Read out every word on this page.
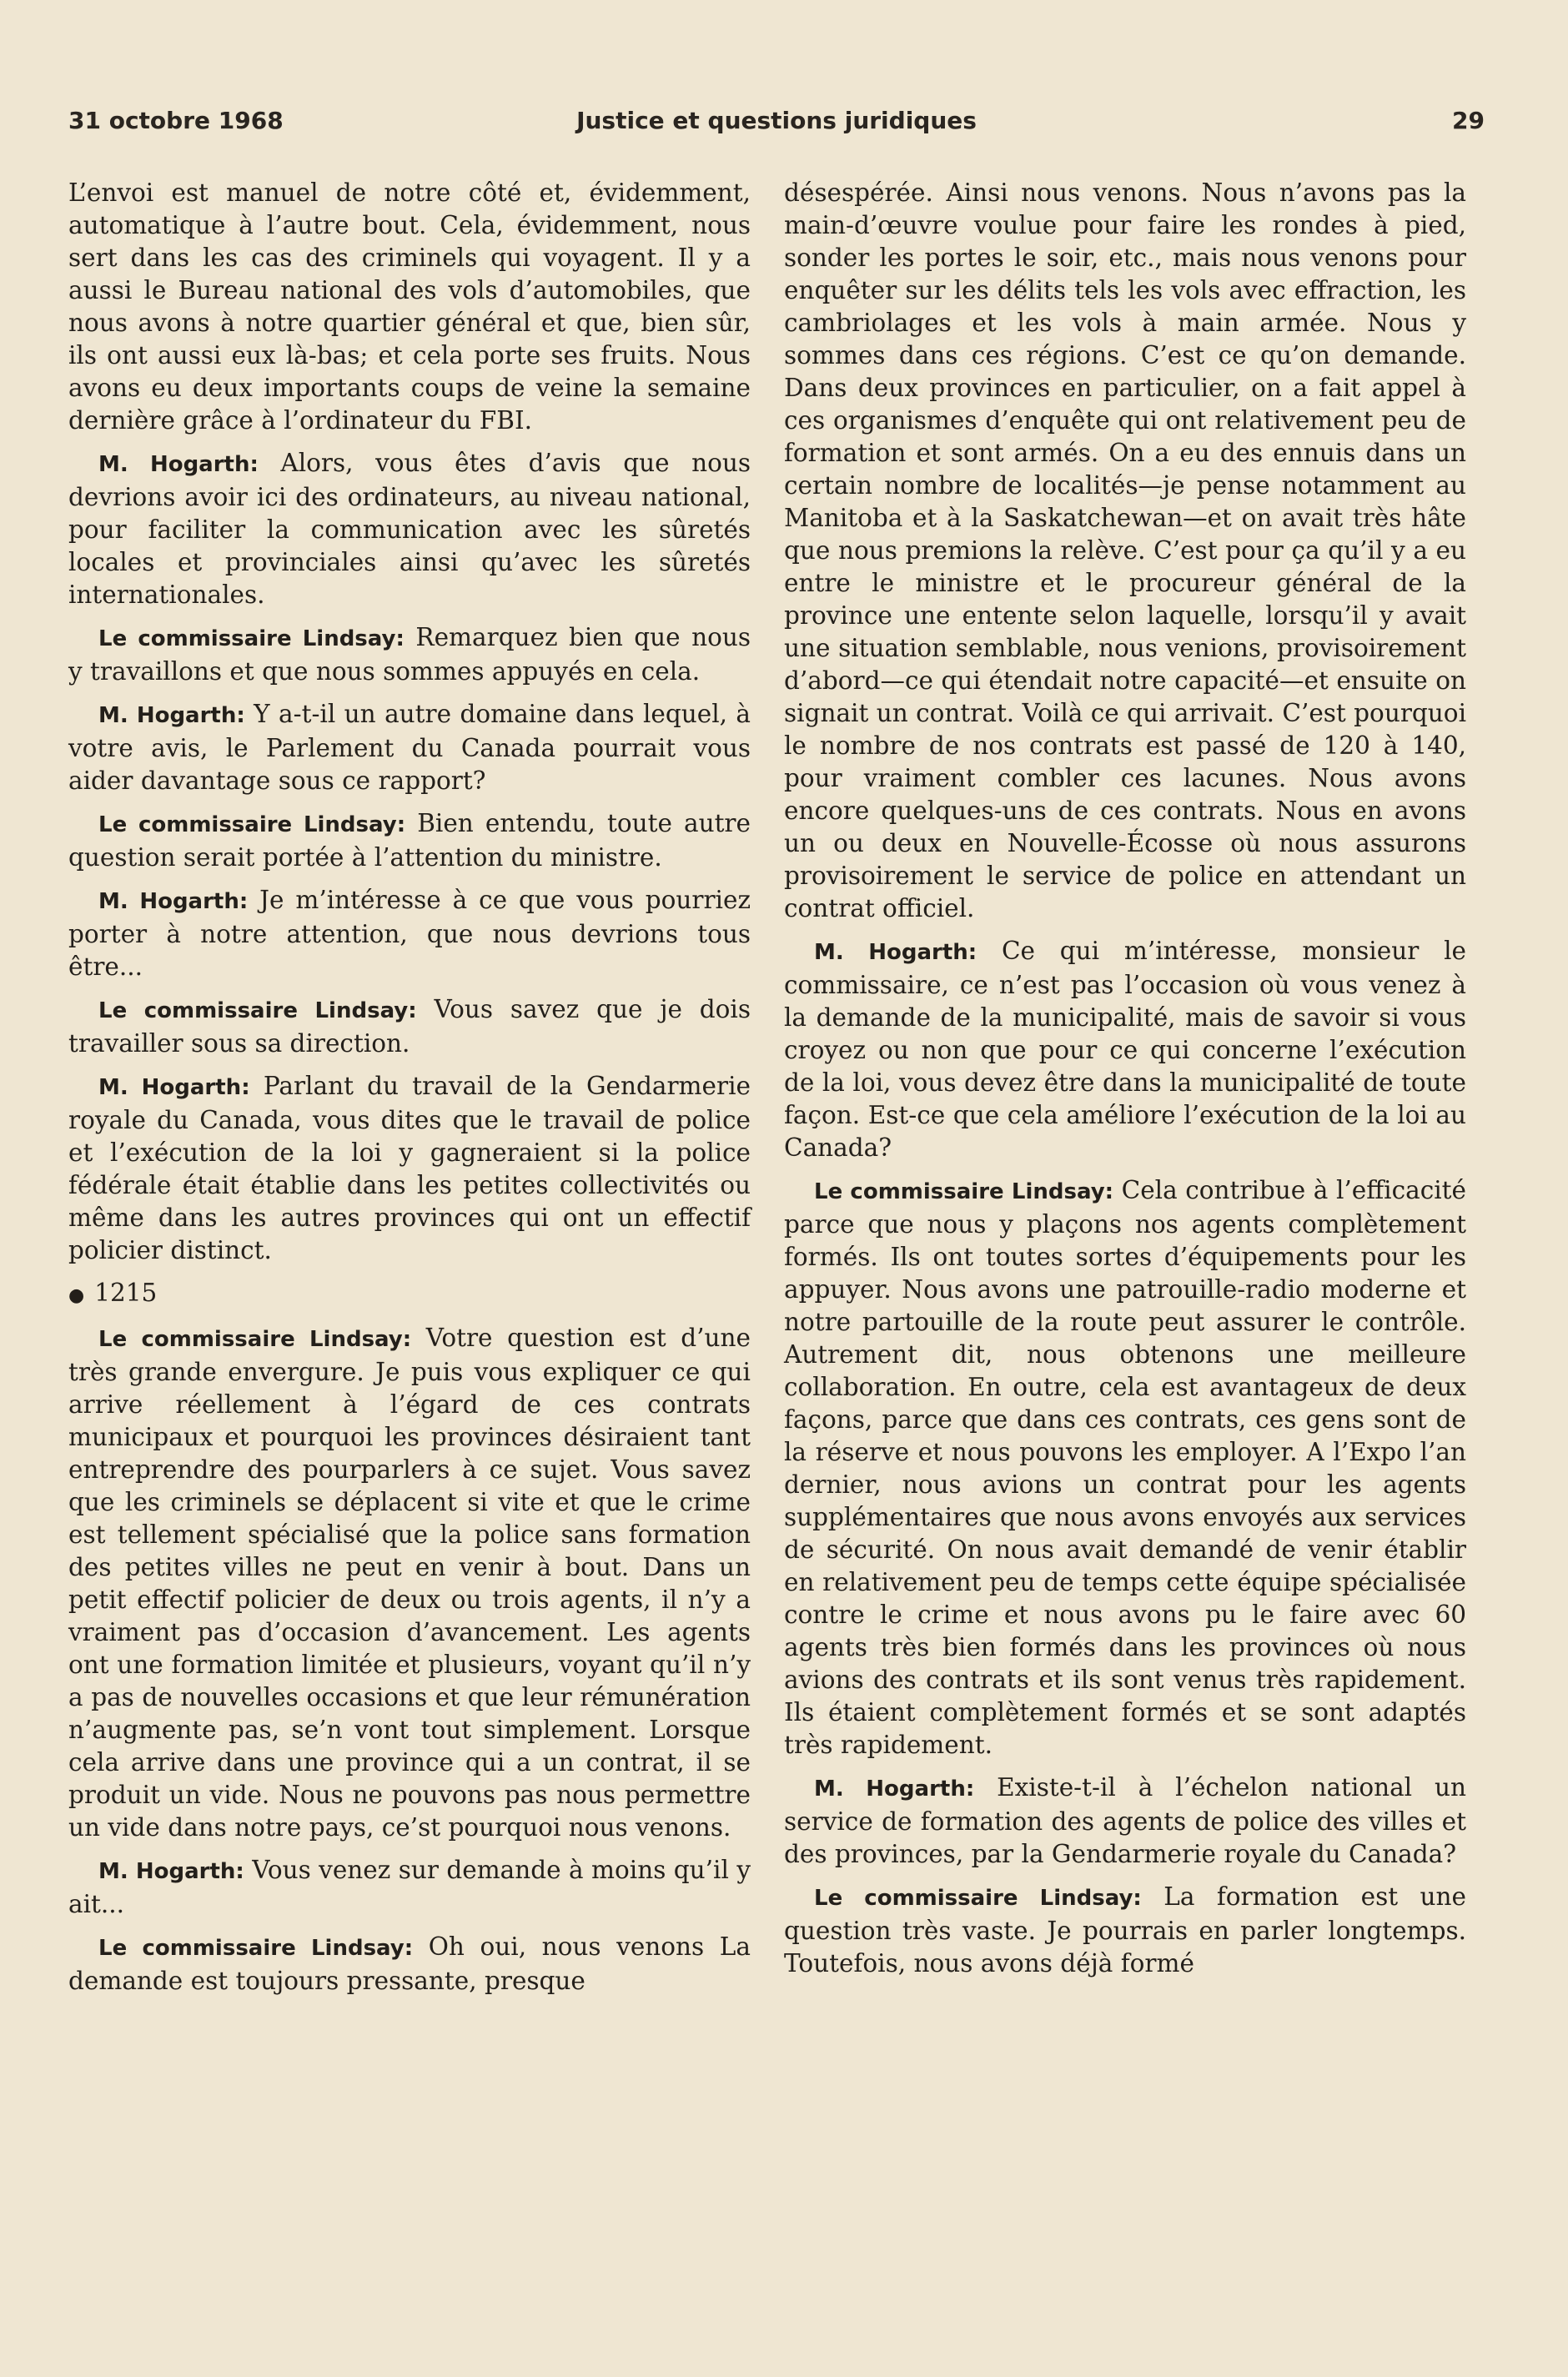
31 octobre 1968	Justice et questions juridiques	29

L’envoi est manuel de notre côté et, évidemment, automatique à l’autre bout. Cela, évidemment, nous sert dans les cas des criminels qui voyagent. Il y a aussi le Bureau national des vols d’automobiles, que nous avons à notre quartier général et que, bien sûr, ils ont aussi eux là-bas; et cela porte ses fruits. Nous avons eu deux importants coups de veine la semaine dernière grâce à l’ordinateur du FBI.

M. Hogarth: Alors, vous êtes d’avis que nous devrions avoir ici des ordinateurs, au niveau national, pour faciliter la communication avec les sûretés locales et provinciales ainsi qu’avec les sûretés internationales.

Le commissaire Lindsay: Remarquez bien que nous y travaillons et que nous sommes appuyés en cela.

M. Hogarth: Y a-t-il un autre domaine dans lequel, à votre avis, le Parlement du Canada pourrait vous aider davantage sous ce rapport?

Le commissaire Lindsay: Bien entendu, toute autre question serait portée à l’attention du ministre.

M. Hogarth: Je m’intéresse à ce que vous pourriez porter à notre attention, que nous devrions tous être...

Le commissaire Lindsay: Vous savez que je dois travailler sous sa direction.

M. Hogarth: Parlant du travail de la Gendarmerie royale du Canada, vous dites que le travail de police et l’exécution de la loi y gagneraient si la police fédérale était établie dans les petites collectivités ou même dans les autres provinces qui ont un effectif policier distinct.

● 1215

Le commissaire Lindsay: Votre question est d’une très grande envergure. Je puis vous expliquer ce qui arrive réellement à l’égard de ces contrats municipaux et pourquoi les provinces désiraient tant entreprendre des pourparlers à ce sujet. Vous savez que les criminels se déplacent si vite et que le crime est tellement spécialisé que la police sans formation des petites villes ne peut en venir à bout. Dans un petit effectif policier de deux ou trois agents, il n’y a vraiment pas d’occasion d’avancement. Les agents ont une formation limitée et plusieurs, voyant qu’il n’y a pas de nouvelles occasions et que leur rémunération n’augmente pas, se’n vont tout simplement. Lorsque cela arrive dans une province qui a un contrat, il se produit un vide. Nous ne pouvons pas nous permettre un vide dans notre pays, ce’st pourquoi nous venons.

M. Hogarth: Vous venez sur demande à moins qu’il y ait...

Le commissaire Lindsay: Oh oui, nous venons La demande est toujours pressante, presque

désespérée. Ainsi nous venons. Nous n’avons pas la main-d’œuvre voulue pour faire les rondes à pied, sonder les portes le soir, etc., mais nous venons pour enquêter sur les délits tels les vols avec effraction, les cambriolages et les vols à main armée. Nous y sommes dans ces régions. C’est ce qu’on demande. Dans deux provinces en particulier, on a fait appel à ces organismes d’enquête qui ont relativement peu de formation et sont armés. On a eu des ennuis dans un certain nombre de localités—je pense notamment au Manitoba et à la Saskatchewan—et on avait très hâte que nous premions la relève. C’est pour ça qu’il y a eu entre le ministre et le procureur général de la province une entente selon laquelle, lorsqu’il y avait une situation semblable, nous venions, provisoirement d’abord—ce qui étendait notre capacité—et ensuite on signait un contrat. Voilà ce qui arrivait. C’est pourquoi le nombre de nos contrats est passé de 120 à 140, pour vraiment combler ces lacunes. Nous avons encore quelques-uns de ces contrats. Nous en avons un ou deux en Nouvelle-Écosse où nous assurons provisoirement le service de police en attendant un contrat officiel.

M. Hogarth: Ce qui m’intéresse, monsieur le commissaire, ce n’est pas l’occasion où vous venez à la demande de la municipalité, mais de savoir si vous croyez ou non que pour ce qui concerne l’exécution de la loi, vous devez être dans la municipalité de toute façon. Est-ce que cela améliore l’exécution de la loi au Canada?

Le commissaire Lindsay: Cela contribue à l’efficacité parce que nous y plaçons nos agents complètement formés. Ils ont toutes sortes d’équipements pour les appuyer. Nous avons une patrouille-radio moderne et notre partouille de la route peut assurer le contrôle. Autrement dit, nous obtenons une meilleure collaboration. En outre, cela est avantageux de deux façons, parce que dans ces contrats, ces gens sont de la réserve et nous pouvons les employer. A l’Expo l’an dernier, nous avions un contrat pour les agents supplémentaires que nous avons envoyés aux services de sécurité. On nous avait demandé de venir établir en relativement peu de temps cette équipe spécialisée contre le crime et nous avons pu le faire avec 60 agents très bien formés dans les provinces où nous avions des contrats et ils sont venus très rapidement. Ils étaient complètement formés et se sont adaptés très rapidement.

M. Hogarth: Existe-t-il à l’échelon national un service de formation des agents de police des villes et des provinces, par la Gendarmerie royale du Canada?

Le commissaire Lindsay: La formation est une question très vaste. Je pourrais en parler longtemps. Toutefois, nous avons déjà formé
